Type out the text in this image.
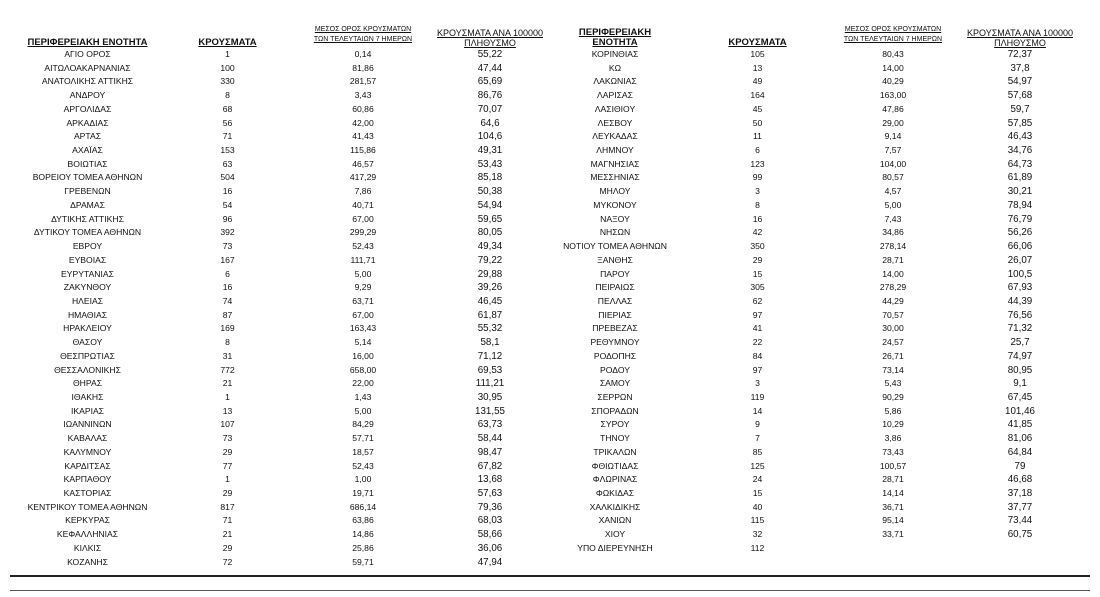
ΠΕΡΙΦΕΡΕΙΑΚΗ ΕΝΟΤΗΤΑ	ΚΡΟΥΣΜΑΤΑ
ΜΕΣΟΣ ΟΡΟΣ ΚΡΟΥΣΜΑΤΩΝ
ΤΩΝ ΤΕΛΕΥΤΑΙΩΝ 7 ΗΜΕΡΩΝ
ΚΡΟΥΣΜΑΤΑ ΑΝΑ 100000
ΠΛΗΘΥΣΜΟ
ΑΓΙΟ ΟΡΟΣ	1	0,14	55,22
ΑΙΤΩΛΟΑΚΑΡΝΑΝΙΑΣ	100	81,86	47,44
ΑΝΑΤΟΛΙΚΗΣ ΑΤΤΙΚΗΣ	330	281,57	65,69
ΑΝΔΡΟΥ	8	3,43	86,76
ΑΡΓΟΛΙΔΑΣ	68	60,86	70,07
ΑΡΚΑΔΙΑΣ	56	42,00	64,6
ΑΡΤΑΣ	71	41,43	104,6
ΑΧΑΪΑΣ	153	115,86	49,31
ΒΟΙΩΤΙΑΣ	63	46,57	53,43
ΒΟΡΕΙΟΥ ΤΟΜΕΑ ΑΘΗΝΩΝ	504	417,29	85,18
ΓΡΕΒΕΝΩΝ	16	7,86	50,38
ΔΡΑΜΑΣ	54	40,71	54,94
ΔΥΤΙΚΗΣ ΑΤΤΙΚΗΣ	96	67,00	59,65
ΔΥΤΙΚΟΥ ΤΟΜΕΑ ΑΘΗΝΩΝ	392	299,29	80,05
ΕΒΡΟΥ	73	52,43	49,34
ΕΥΒΟΙΑΣ	167	111,71	79,22
ΕΥΡΥΤΑΝΙΑΣ	6	5,00	29,88
ΖΑΚΥΝΘΟΥ	16	9,29	39,26
ΗΛΕΙΑΣ	74	63,71	46,45
ΗΜΑΘΙΑΣ	87	67,00	61,87
ΗΡΑΚΛΕΙΟΥ	169	163,43	55,32
ΘΑΣΟΥ	8	5,14	58,1
ΘΕΣΠΡΩΤΙΑΣ	31	16,00	71,12
ΘΕΣΣΑΛΟΝΙΚΗΣ	772	658,00	69,53
ΘΗΡΑΣ	21	22,00	111,21
ΙΘΑΚΗΣ	1	1,43	30,95
ΙΚΑΡΙΑΣ	13	5,00	131,55
ΙΩΑΝΝΙΝΩΝ	107	84,29	63,73
ΚΑΒΑΛΑΣ	73	57,71	58,44
ΚΑΛΥΜΝΟΥ	29	18,57	98,47
ΚΑΡΔΙΤΣΑΣ	77	52,43	67,82
ΚΑΡΠΑΘΟΥ	1	1,00	13,68
ΚΑΣΤΟΡΙΑΣ	29	19,71	57,63
ΚΕΝΤΡΙΚΟΥ ΤΟΜΕΑ ΑΘΗΝΩΝ	817	686,14	79,36
ΚΕΡΚΥΡΑΣ	71	63,86	68,03
ΚΕΦΑΛΛΗΝΙΑΣ	21	14,86	58,66
ΚΙΛΚΙΣ	29	25,86	36,06
ΚΟΖΑΝΗΣ	72	59,71	47,94
ΠΕΡΙΦΕΡΕΙΑΚΗ ΕΝΟΤΗΤΑ	ΚΡΟΥΣΜΑΤΑ
ΜΕΣΟΣ ΟΡΟΣ ΚΡΟΥΣΜΑΤΩΝ
ΤΩΝ ΤΕΛΕΥΤΑΙΩΝ 7 ΗΜΕΡΩΝ
ΚΡΟΥΣΜΑΤΑ ΑΝΑ 100000
ΠΛΗΘΥΣΜΟ
ΚΟΡΙΝΘΙΑΣ	105	80,43	72,37
ΚΩ	13	14,00	37,8
ΛΑΚΩΝΙΑΣ	49	40,29	54,97
ΛΑΡΙΣΑΣ	164	163,00	57,68
ΛΑΣΙΘΙΟΥ	45	47,86	59,7
ΛΕΣΒΟΥ	50	29,00	57,85
ΛΕΥΚΑΔΑΣ	11	9,14	46,43
ΛΗΜΝΟΥ	6	7,57	34,76
ΜΑΓΝΗΣΙΑΣ	123	104,00	64,73
ΜΕΣΣΗΝΙΑΣ	99	80,57	61,89
ΜΗΛΟΥ	3	4,57	30,21
ΜΥΚΟΝΟΥ	8	5,00	78,94
ΝΑΞΟΥ	16	7,43	76,79
ΝΗΣΩΝ	42	34,86	56,26
ΝΟΤΙΟΥ ΤΟΜΕΑ ΑΘΗΝΩΝ	350	278,14	66,06
ΞΑΝΘΗΣ	29	28,71	26,07
ΠΑΡΟΥ	15	14,00	100,5
ΠΕΙΡΑΙΩΣ	305	278,29	67,93
ΠΕΛΛΑΣ	62	44,29	44,39
ΠΙΕΡΙΑΣ	97	70,57	76,56
ΠΡΕΒΕΖΑΣ	41	30,00	71,32
ΡΕΘΥΜΝΟΥ	22	24,57	25,7
ΡΟΔΟΠΗΣ	84	26,71	74,97
ΡΟΔΟΥ	97	73,14	80,95
ΣΑΜΟΥ	3	5,43	9,1
ΣΕΡΡΩΝ	119	90,29	67,45
ΣΠΟΡΑΔΩΝ	14	5,86	101,46
ΣΥΡΟΥ	9	10,29	41,85
ΤΗΝΟΥ	7	3,86	81,06
ΤΡΙΚΑΛΩΝ	85	73,43	64,84
ΦΘΙΩΤΙΔΑΣ	125	100,57	79
ΦΛΩΡΙΝΑΣ	24	28,71	46,68
ΦΩΚΙΔΑΣ	15	14,14	37,18
ΧΑΛΚΙΔΙΚΗΣ	40	36,71	37,77
ΧΑΝΙΩΝ	115	95,14	73,44
ΧΙΟΥ	32	33,71	60,75
ΥΠΟ ΔΙΕΡΕΥΝΗΣΗ	112
